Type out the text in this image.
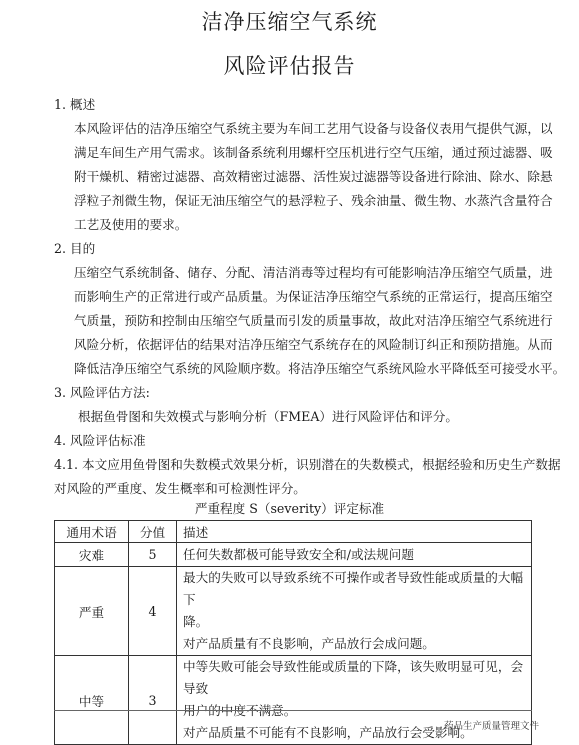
洁净压缩空气系统
风险评估报告
1. 概述
本风险评估的洁净压缩空气系统主要为车间工艺用气设备与设备仪表用气提供气源，以
满足车间生产用气需求。该制备系统利用螺杆空压机进行空气压缩，通过预过滤器、吸
附干燥机、精密过滤器、高效精密过滤器、活性炭过滤器等设备进行除油、除水、除悬
浮粒子剂微生物，保证无油压缩空气的悬浮粒子、残余油量、微生物、水蒸汽含量符合
工艺及使用的要求。
2. 目的
压缩空气系统制备、储存、分配、清洁消毒等过程均有可能影响洁净压缩空气质量，进
而影响生产的正常进行或产品质量。为保证洁净压缩空气系统的正常运行，提高压缩空
气质量，预防和控制由压缩空气质量而引发的质量事故，故此对洁净压缩空气系统进行
风险分析，依据评估的结果对洁净压缩空气系统存在的风险制订纠正和预防措施。从而
降低洁净压缩空气系统的风险顺序数。将洁净压缩空气系统风险水平降低至可接受水平。
3. 风险评估方法:
根据鱼骨图和失效模式与影响分析（FMEA）进行风险评估和评分。
4. 风险评估标准
4.1. 本文应用鱼骨图和失数模式效果分析，识别潜在的失数模式，根据经验和历史生产数据
对风险的严重度、发生概率和可检测性评分。
严重程度 S（severity）评定标准
通用术语	分值	描述
灾难	5	任何失数都极可能导致安全和/或法规问题

严重	4	最大的失败可以导致系统不可操作或者导致性能或质量的大幅下
降。
对产品质量有不良影响，产品放行会成问题。

中等	3	中等失败可能会导致性能或质量的下降，该失败明显可见，会导致
用户的中度不满意。
对产品质量不可能有不良影响，产品放行会受影响。
药品生产质量管理文件
